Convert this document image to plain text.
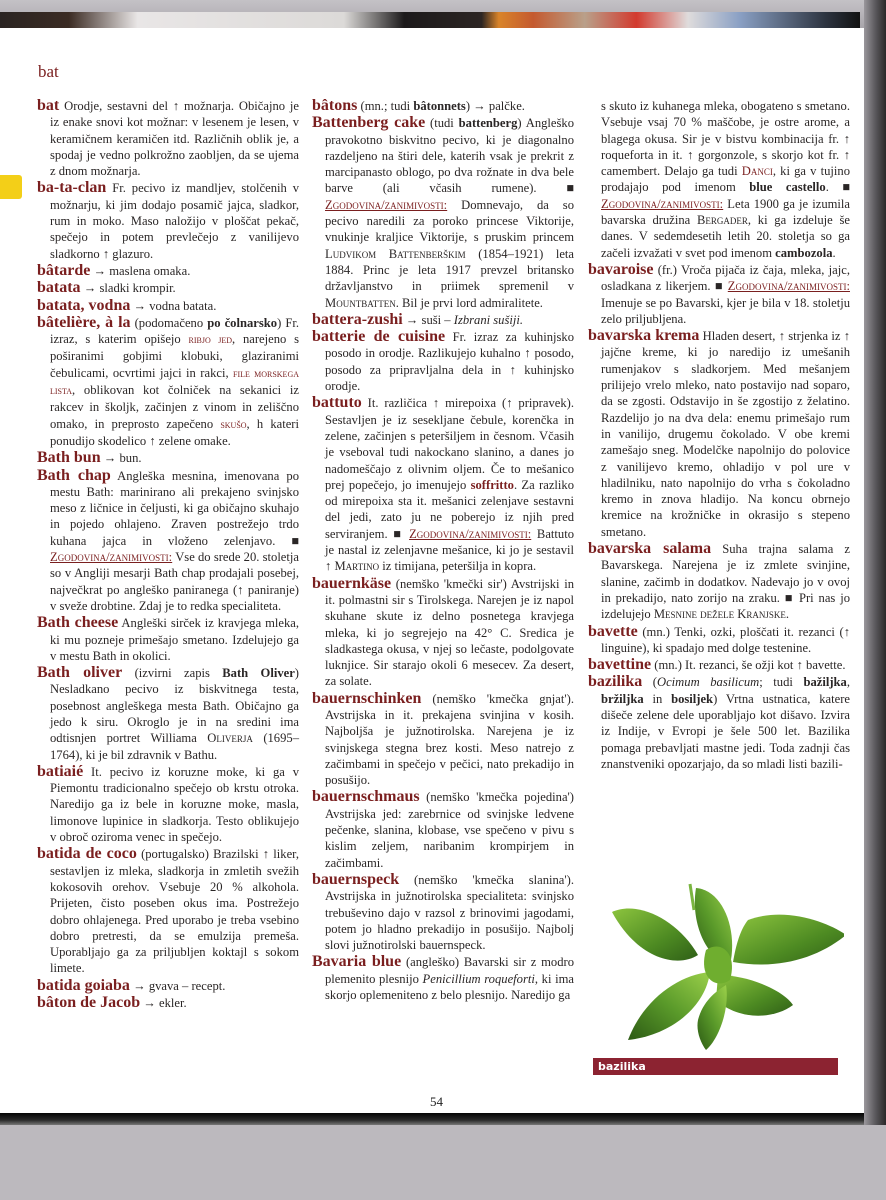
bat

bat Orodje, sestavni del ↑ možnarja. Običajno je iz enake snovi kot možnar: v lesenem je lesen, v keramičnem keramičen itd. Različnih oblik je, a spodaj je vedno polkrožno zaobljen, da se ujema z dnom možnarja.

ba-ta-clan Fr. pecivo iz mandljev, stolčenih v možnarju, ki jim dodajo posamič jajca, sladkor, rum in moko. Maso naložijo v ploščat pekač, spečejo in potem prevlečejo z vanilijevo sladkorno ↑ glazuro.

bâtarde → maslena omaka.

batata → sladki krompir.

batata, vodna → vodna batata.

bâtelière, à la (podomačeno po čolnarsko) Fr. izraz, s katerim opišejo ribjo jed, narejeno s poširanimi gobjimi klobuki, glaziranimi čebulicami, ocvrtimi jajci in rakci, file morskega lista, oblikovan kot čolniček na sekanici iz rakcev in školjk, začinjen z vinom in zeliščno omako, in preprosto zapečeno skušo, h kateri ponudijo skodelico ↑ zelene omake.

Bath bun → bun.

Bath chap Angleška mesnina, imenovana po mestu Bath: marinirano ali prekajeno svinjsko meso z ličnice in čeljusti, ki ga običajno skuhajo in pojedo ohlajeno. Zraven postrežejo trdo kuhana jajca in vloženo zelenjavo. ■ Zgodovina/zanimivosti: Vse do srede 20. stoletja so v Angliji mesarji Bath chap prodajali posebej, največkrat po angleško paniranega (↑ paniranje) v sveže drobtine. Zdaj je to redka specialiteta.

Bath cheese Angleški sirček iz kravjega mleka, ki mu pozneje primešajo smetano. Izdelujejo ga v mestu Bath in okolici.

Bath oliver (izvirni zapis Bath Oliver) Nesladkano pecivo iz biskvitnega testa, posebnost angleškega mesta Bath. Običajno ga jedo k siru. Okroglo je in na sredini ima odtisnjen portret Williama Oliverja (1695–1764), ki je bil zdravnik v Bathu.

batiaié It. pecivo iz koruzne moke, ki ga v Piemontu tradicionalno spečejo ob krstu otroka. Naredijo ga iz bele in koruzne moke, masla, limonove lupinice in sladkorja. Testo oblikujejo v obroč oziroma venec in spečejo.

batida de coco (portugalsko) Brazilski ↑ liker, sestavljen iz mleka, sladkorja in zmletih svežih kokosovih orehov. Vsebuje 20 % alkohola. Prijeten, čisto poseben okus ima. Postrežejo dobro ohlajenega. Pred uporabo je treba vsebino dobro pretresti, da se emulzija premeša. Uporabljajo ga za priljubljen koktajl s sokom limete.

batida goiaba → gvava – recept.

bâton de Jacob → ekler.

bâtons (mn.; tudi bâtonnets) → palčke.

Battenberg cake (tudi battenberg) Angleško pravokotno biskvitno pecivo, ki je diagonalno razdeljeno na štiri dele, katerih vsak je prekrit z marcipanasto oblogo, po dva rožnate in dva bele barve (ali včasih rumene). ■ Zgodovina/zanimivosti: Domnevajo, da so pecivo naredili za poroko princese Viktorije, vnukinje kraljice Viktorije, s pruskim princem Ludvikom Battenberškim (1854–1921) leta 1884. Princ je leta 1917 prevzel britansko državljanstvo in priimek spremenil v Mountbatten. Bil je prvi lord admiralitete.

battera-zushi → suši – Izbrani sušiji.

batterie de cuisine Fr. izraz za kuhinjsko posodo in orodje. Razlikujejo kuhalno ↑ posodo, posodo za pripravljalna dela in ↑ kuhinjsko orodje.

battuto It. različica ↑ mirepoixa (↑ pripravek). Sestavljen je iz sesekljane čebule, korenčka in zelene, začinjen s peteršiljem in česnom. Včasih je vseboval tudi nakockano slanino, a danes jo nadomeščajo z olivnim oljem. Če to mešanico prej popečejo, jo imenujejo soffritto. Za razliko od mirepoixa sta it. mešanici zelenjave sestavni del jedi, zato ju ne poberejo iz njih pred serviranjem. ■ Zgodovina/zanimivosti: Battuto je nastal iz zelenjavne mešanice, ki jo je sestavil ↑ Martino iz timijana, peteršilja in kopra.

bauernkäse (nemško 'kmečki sir') Avstrijski in it. polmastni sir s Tirolskega. Narejen je iz napol skuhane skute iz delno posnetega kravjega mleka, ki jo segrejejo na 42° C. Sredica je sladkastega okusa, v njej so lečaste, podolgovate luknjice. Sir starajo okoli 6 mesecev. Za desert, za solate.

bauernschinken (nemško 'kmečka gnjat'). Avstrijska in it. prekajena svinjina v kosih. Najboljša je južnotirolska. Narejena je iz svinjskega stegna brez kosti. Meso natrejo z začimbami in spečejo v pečici, nato prekadijo in posušijo.

bauernschmaus (nemško 'kmečka pojedina') Avstrijska jed: zarebrnice od svinjske ledvene pečenke, slanina, klobase, vse spečeno v pivu s kislim zeljem, naribanim krompirjem in začimbami.

bauernspeck (nemško 'kmečka slanina'). Avstrijska in južnotirolska specialiteta: svinjsko trebuševino dajo v razsol z brinovimi jagodami, potem jo hladno prekadijo in posušijo. Najbolj slovi južnotirolski bauernspeck.

Bavaria blue (angleško) Bavarski sir z modro plemenito plesnijo Penicillium roqueforti, ki ima skorjo oplemeniteno z belo plesnijo. Naredijo ga

s skuto iz kuhanega mleka, obogateno s smetano. Vsebuje vsaj 70 % maščobe, je ostre arome, a blagega okusa. Sir je v bistvu kombinacija fr. ↑ roqueforta in it. ↑ gorgonzole, s skorjo kot fr. ↑ camembert. Delajo ga tudi Danci, ki ga v tujino prodajajo pod imenom blue castello. ■ Zgodovina/zanimivosti: Leta 1900 ga je izumila bavarska družina Bergader, ki ga izdeluje še danes. V sedemdesetih letih 20. stoletja so ga začeli izvažati v svet pod imenom cambozola.

bavaroise (fr.) Vroča pijača iz čaja, mleka, jajc, osladkana z likerjem. ■ Zgodovina/zanimivosti: Imenuje se po Bavarski, kjer je bila v 18. stoletju zelo priljubljena.

bavarska krema Hladen desert, ↑ strjenka iz ↑ jajčne kreme, ki jo naredijo iz umešanih rumenjakov s sladkorjem. Med mešanjem prilijejo vrelo mleko, nato postavijo nad soparo, da se zgosti. Odstavijo in še zgostijo z želatino. Razdelijo jo na dva dela: enemu primešajo rum in vanilijo, drugemu čokolado. V obe kremi zamešajo sneg. Modelčke napolnijo do polovice z vanilijevo kremo, ohladijo v pol ure v hladilniku, nato napolnijo do vrha s čokoladno kremo in znova hladijo. Na koncu obrnejo kremice na krožničke in okrasijo s stepeno smetano.

bavarska salama Suha trajna salama z Bavarskega. Narejena je iz zmlete svinjine, slanine, začimb in dodatkov. Nadevajo jo v ovoj in prekadijo, nato zorijo na zraku. ■ Pri nas jo izdelujejo Mesnine dežele Kranjske.

bavette (mn.) Tenki, ozki, ploščati it. rezanci (↑ linguine), ki spadajo med dolge testenine.

bavettine (mn.) It. rezanci, še ožji kot ↑ bavette.

bazilika (Ocimum basilicum; tudi bažiljka, bržiljka in bosiljek) Vrtna ustnatica, katere dišeče zelene dele uporabljajo kot dišavo. Izvira iz Indije, v Evropi je šele 500 let. Bazilika pomaga prebavljati mastne jedi. Toda zadnji čas znanstveniki opozarjajo, da so mladi listi bazili-

bazilika
54
